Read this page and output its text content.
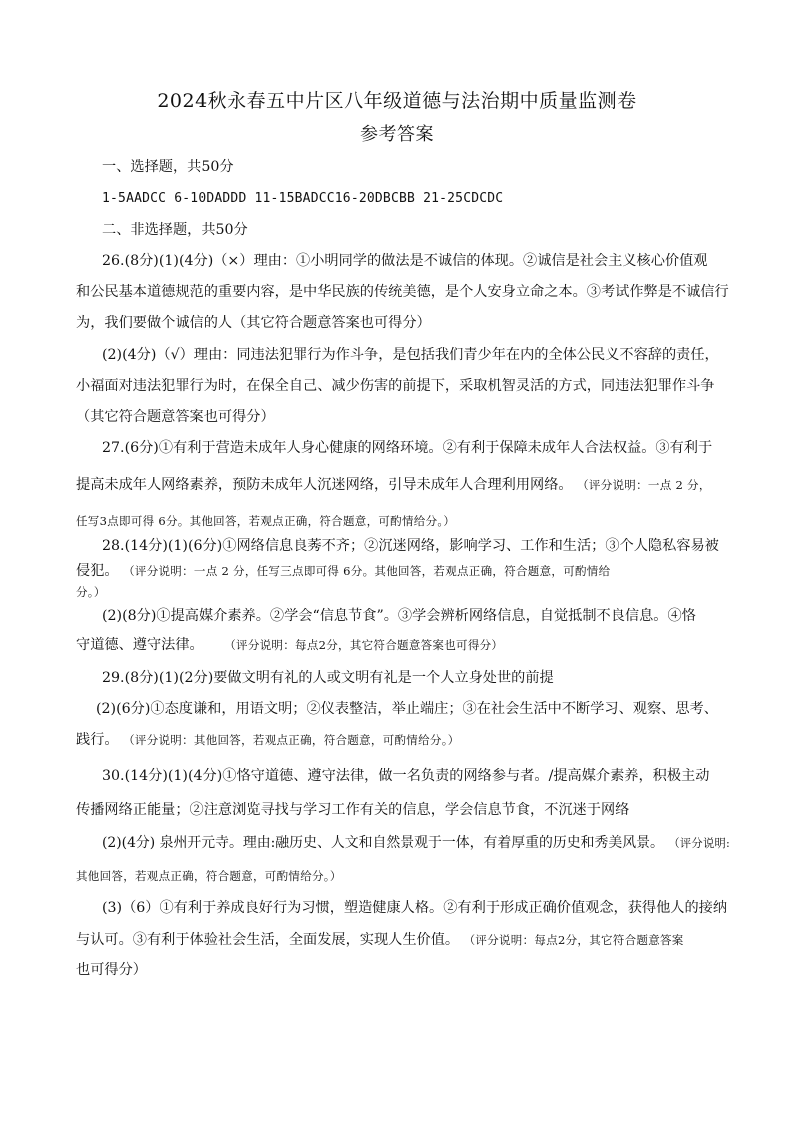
2024秋永春五中片区八年级道德与法治期中质量监测卷
参考答案
一、选择题，共50分
1-5AADCC 6-10DADDD 11-15BADCC16-20DBCBB 21-25CDCDC
二、非选择题，共50分
26.(8分)(1)(4分)（×）理由：①小明同学的做法是不诚信的体现。②诚信是社会主义核心价值观
和公民基本道德规范的重要内容，是中华民族的传统美德，是个人安身立命之本。③考试作弊是不诚信行
为，我们要做个诚信的人（其它符合题意答案也可得分）
(2)(4分)（√）理由：同违法犯罪行为作斗争，是包括我们青少年在内的全体公民义不容辞的责任，
小福面对违法犯罪行为时，在保全自己、减少伤害的前提下，采取机智灵活的方式，同违法犯罪作斗争
（其它符合题意答案也可得分）
27.(6分)①有利于营造未成年人身心健康的网络环境。②有利于保障未成年人合法权益。③有利于
提高未成年人网络素养，预防未成年人沉迷网络，引导未成年人合理利用网络。 （评分说明：一点 2 分，
任写3点即可得 6分。其他回答，若观点正确，符合题意，可酌情给分。）
28.(14分)(1)(6分)①网络信息良莠不齐；②沉迷网络，影响学习、工作和生活；③个人隐私容易被
侵犯。 （评分说明：一点 2 分，任写三点即可得 6分。其他回答，若观点正确，符合题意，可酌情给
分。）
(2)(8分)①提高媒介素养。②学会“信息节食”。③学会辨析网络信息，自觉抵制不良信息。④恪
守道德、遵守法律。 （评分说明：每点2分，其它符合题意答案也可得分）
29.(8分)(1)(2分)要做文明有礼的人或文明有礼是一个人立身处世的前提
(2)(6分)①态度谦和，用语文明；②仪表整洁，举止端庄；③在社会生活中不断学习、观察、思考、
践行。 （评分说明：其他回答，若观点正确，符合题意，可酌情给分。）
30.(14分)(1)(4分)①恪守道德、遵守法律，做一名负责的网络参与者。/提高媒介素养，积极主动
传播网络正能量；②注意浏览寻找与学习工作有关的信息，学会信息节食，不沉迷于网络
(2)(4分) 泉州开元寺。理由:融历史、人文和自然景观于一体，有着厚重的历史和秀美风景。 （评分说明:
其他回答，若观点正确，符合题意，可酌情给分。）
(3)（6）①有利于养成良好行为习惯，塑造健康人格。②有利于形成正确价值观念，获得他人的接纳
与认可。③有利于体验社会生活，全面发展，实现人生价值。 （评分说明：每点2分，其它符合题意答案
也可得分）
